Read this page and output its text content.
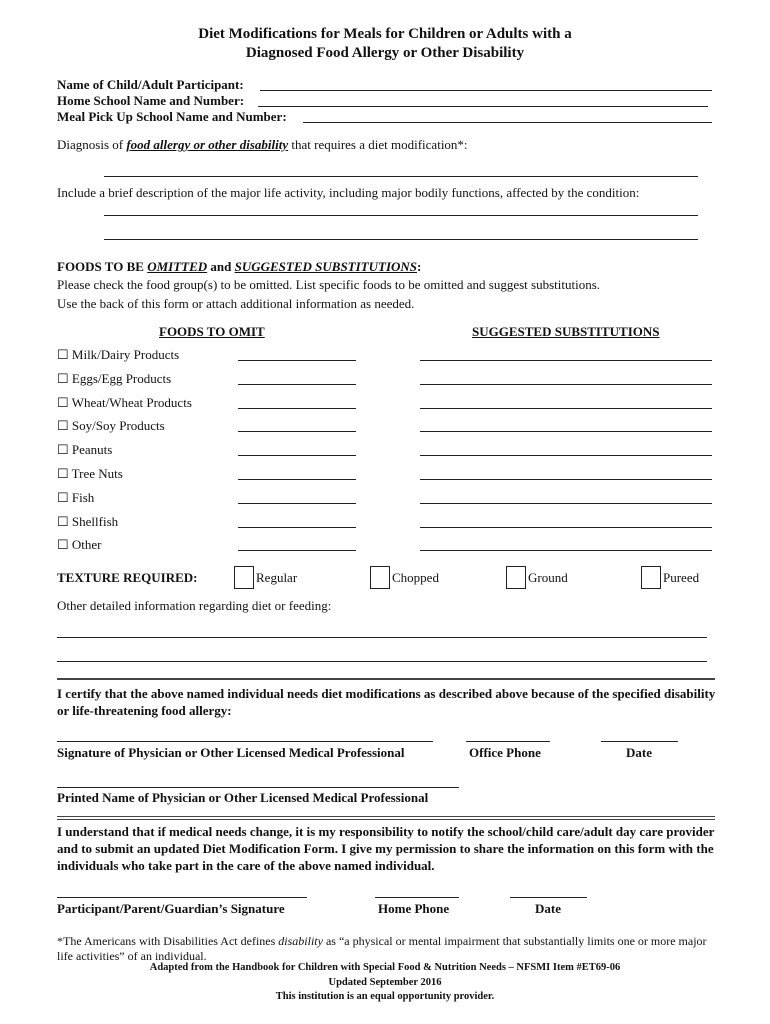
Diet Modifications for Meals for Children or Adults with a
Diagnosed Food Allergy or Other Disability
Name of Child/Adult Participant:
Home School Name and Number:
Meal Pick Up School Name and Number:
Diagnosis of food allergy or other disability that requires a diet modification*:
Include a brief description of the major life activity, including major bodily functions, affected by the condition:
FOODS TO BE OMITTED and SUGGESTED SUBSTITUTIONS:
Please check the food group(s) to be omitted. List specific foods to be omitted and suggest substitutions.
Use the back of this form or attach additional information as needed.
FOODS TO OMIT	SUGGESTED SUBSTITUTIONS
☐ Milk/Dairy Products
☐ Eggs/Egg Products
☐ Wheat/Wheat Products
☐ Soy/Soy Products
☐ Peanuts
☐ Tree Nuts
☐ Fish
☐ Shellfish
☐ Other
TEXTURE REQUIRED:	Regular	Chopped	Ground	Pureed
Other detailed information regarding diet or feeding:
I certify that the above named individual needs diet modifications as described above because of the specified disability or life-threatening food allergy:
Signature of Physician or Other Licensed Medical Professional	Office Phone	Date
Printed Name of Physician or Other Licensed Medical Professional
I understand that if medical needs change, it is my responsibility to notify the school/child care/adult day care provider and to submit an updated Diet Modification Form. I give my permission to share the information on this form with the individuals who take part in the care of the above named individual.
Participant/Parent/Guardian’s Signature	Home Phone	Date
*The Americans with Disabilities Act defines disability as “a physical or mental impairment that substantially limits one or more major life activities” of an individual.
Adapted from the Handbook for Children with Special Food & Nutrition Needs – NFSMI Item #ET69-06
Updated September 2016
This institution is an equal opportunity provider.
